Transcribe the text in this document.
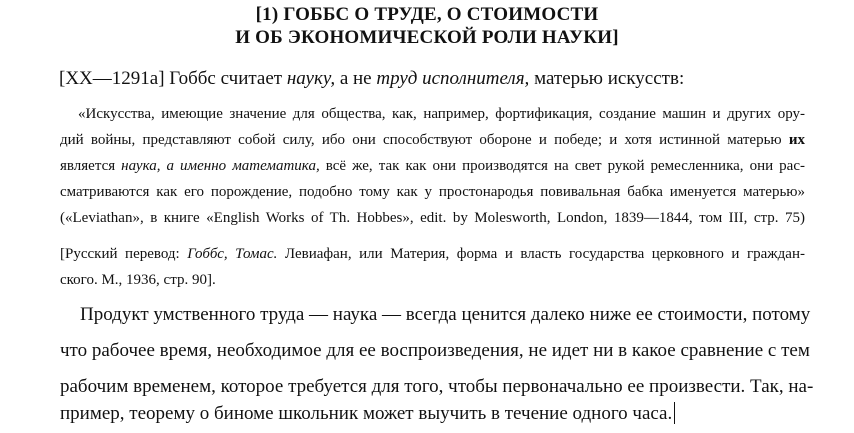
[1) ГОББС О ТРУДЕ, О СТОИМОСТИ
И ОБ ЭКОНОМИЧЕСКОЙ РОЛИ НАУКИ]
[XX—1291a] Гоббс считает науку, а не труд исполнителя, матерью искусств:
«Искусства, имеющие значение для общества, как, например, фортификация, создание машин и других ору-
дий войны, представляют собой силу, ибо они способствуют обороне и победе; и хотя истинной матерью их
является наука, а именно математика, всё же, так как они производятся на свет рукой ремесленника, они рас-
сматриваются как его порождение, подобно тому как у простонародья повивальная бабка именуется матерью»
(«Leviathan», в книге «English Works of Th. Hobbes», edit. by Molesworth, London, 1839—1844, том III, стр. 75)
[Русский перевод: Гоббс, Томас. Левиафан, или Материя, форма и власть государства церковного и граждан-
ского. М., 1936, стр. 90].
Продукт умственного труда — наука — всегда ценится далеко ниже ее стоимости, потому
что рабочее время, необходимое для ее воспроизведения, не идет ни в какое сравнение с тем
рабочим временем, которое требуется для того, чтобы первоначально ее произвести. Так, на-
пример, теорему о биноме школьник может выучить в течение одного часа.
